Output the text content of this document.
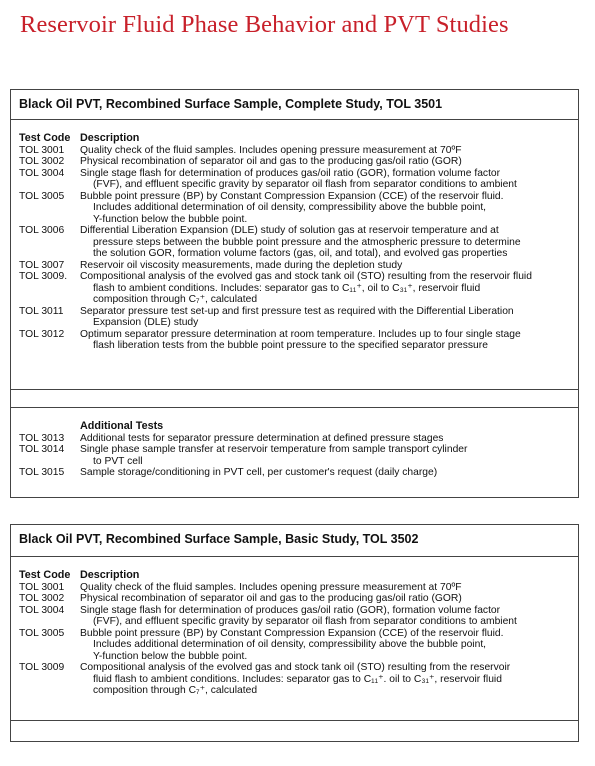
Reservoir Fluid Phase Behavior and PVT Studies
Black Oil PVT, Recombined Surface Sample, Complete Study, TOL 3501
Test Code Description
TOL 3001	Quality check of the fluid samples. Includes opening pressure measurement at 70ºF
TOL 3002	Physical recombination of separator oil and gas to the producing gas/oil ratio (GOR)
TOL 3004	Single stage flash for determination of produces gas/oil ratio (GOR), formation volume factor
(FVF), and effluent specific gravity by separator oil flash from separator conditions to ambient
TOL 3005	Bubble point pressure (BP) by Constant Compression Expansion (CCE) of the reservoir fluid.
Includes additional determination of oil density, compressibility above the bubble point,
Y-function below the bubble point.
TOL 3006	Differential Liberation Expansion (DLE) study of solution gas at reservoir temperature and at
pressure steps between the bubble point pressure and the atmospheric pressure to determine
the solution GOR, formation volume factors (gas, oil, and total), and evolved gas properties
TOL 3007	Reservoir oil viscosity measurements, made during the depletion study
TOL 3009.	Compositional analysis of the evolved gas and stock tank oil (STO) resulting from the reservoir fluid
flash to ambient conditions. Includes: separator gas to C₁₁⁺, oil to C₃₁⁺, reservoir fluid
composition through C₇⁺, calculated
TOL 3011	Separator pressure test set-up and first pressure test as required with the Differential Liberation
Expansion (DLE) study
TOL 3012	Optimum separator pressure determination at room temperature. Includes up to four single stage
flash liberation tests from the bubble point pressure to the specified separator pressure
Additional Tests
TOL 3013	Additional tests for separator pressure determination at defined pressure stages
TOL 3014	Single phase sample transfer at reservoir temperature from sample transport cylinder
to PVT cell
TOL 3015	Sample storage/conditioning in PVT cell, per customer's request (daily charge)
Black Oil PVT, Recombined Surface Sample, Basic Study, TOL 3502
Test Code Description
TOL 3001	Quality check of the fluid samples. Includes opening pressure measurement at 70ºF
TOL 3002	Physical recombination of separator oil and gas to the producing gas/oil ratio (GOR)
TOL 3004	Single stage flash for determination of produces gas/oil ratio (GOR), formation volume factor
(FVF), and effluent specific gravity by separator oil flash from separator conditions to ambient
TOL 3005	Bubble point pressure (BP) by Constant Compression Expansion (CCE) of the reservoir fluid.
Includes additional determination of oil density, compressibility above the bubble point,
Y-function below the bubble point.
TOL 3009	Compositional analysis of the evolved gas and stock tank oil (STO) resulting from the reservoir
fluid flash to ambient conditions. Includes: separator gas to C₁₁⁺. oil to C₃₁⁺, reservoir fluid
composition through C₇⁺, calculated
